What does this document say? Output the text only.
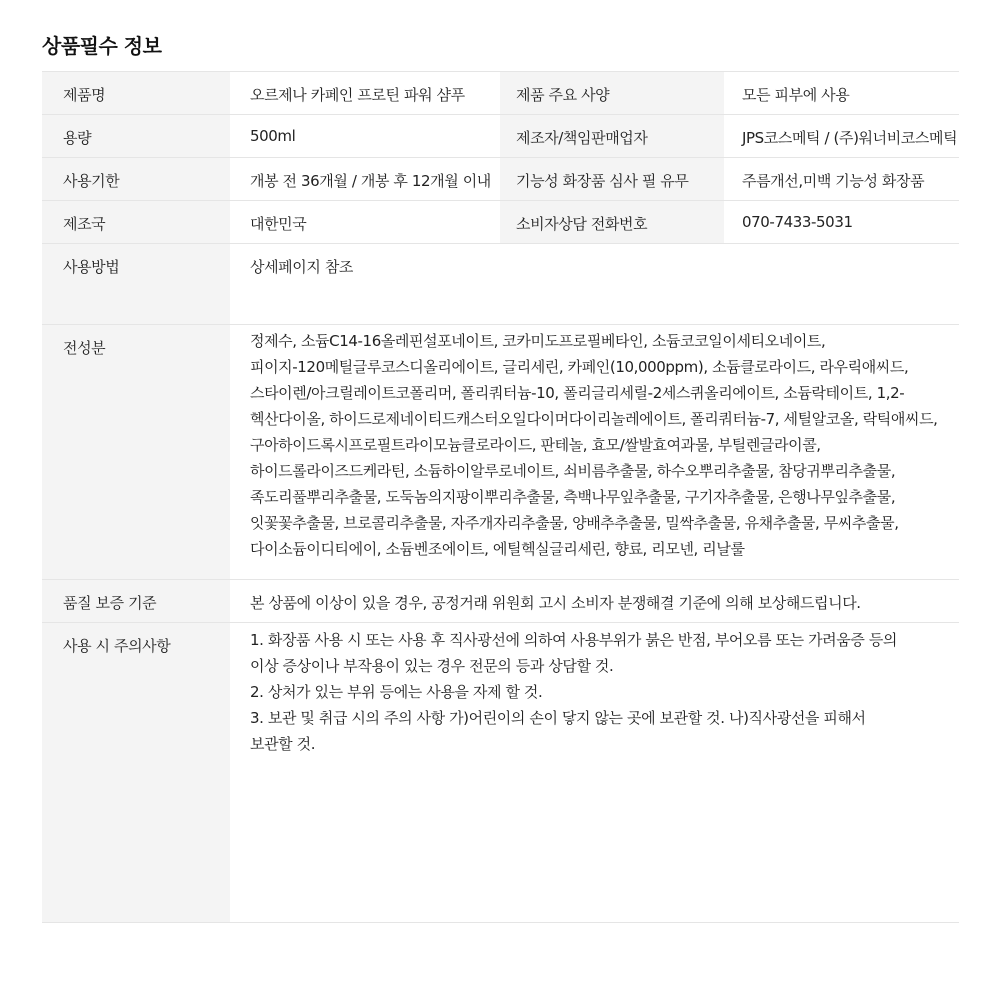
상품필수 정보
제품명	오르제나 카페인 프로틴 파워 샴푸	제품 주요 사양	모든 피부에 사용
용량	500ml	제조자/책임판매업자	JPS코스메틱 / (주)워너비코스메틱
사용기한	개봉 전 36개월 / 개봉 후 12개월 이내	기능성 화장품 심사 필 유무	주름개선,미백 기능성 화장품
제조국	대한민국	소비자상담 전화번호	070-7433-5031
사용방법	상세페이지 참조		
전성분	정제수, 소듐C14-16올레핀설포네이트, 코카미도프로필베타인, 소듐코코일이세티오네이트, 피이지-120메틸글루코스디올리에이트, 글리세린, 카페인(10,000ppm), 소듐클로라이드, 라우릭애씨드, 스타이렌/아크릴레이트코폴리머, 폴리쿼터늄-10, 폴리글리세릴-2세스퀴올리에이트, 소듐락테이트, 1,2-헥산다이올, 하이드로제네이티드캐스터오일다이머다이리놀레에이트, 폴리쿼터늄-7, 세틸알코올, 락틱애씨드, 구아하이드록시프로필트라이모늄클로라이드, 판테놀, 효모/쌀발효여과물, 부틸렌글라이콜, 하이드롤라이즈드케라틴, 소듐하이알루로네이트, 쇠비름추출물, 하수오뿌리추출물, 참당귀뿌리추출물, 족도리풀뿌리추출물, 도둑놈의지팡이뿌리추출물, 측백나무잎추출물, 구기자추출물, 은행나무잎추출물, 잇꽃꽃추출물, 브로콜리추출물, 자주개자리추출물, 양배추추출물, 밀싹추출물, 유채추출물, 무씨추출물, 다이소듐이디티에이, 소듐벤조에이트, 에틸헥실글리세린, 향료, 리모넨, 리날룰		
품질 보증 기준	본 상품에 이상이 있을 경우, 공정거래 위원회 고시 소비자 분쟁해결 기준에 의해 보상해드립니다.		
사용 시 주의사항	1. 화장품 사용 시 또는 사용 후 직사광선에 의하여 사용부위가 붉은 반점, 부어오름 또는 가려움증 등의
이상 증상이나 부작용이 있는 경우 전문의 등과 상담할 것.
2. 상처가 있는 부위 등에는 사용을 자제 할 것.
3. 보관 및 취급 시의 주의 사항 가)어린이의 손이 닿지 않는 곳에 보관할 것. 나)직사광선을 피해서
보관할 것.		
